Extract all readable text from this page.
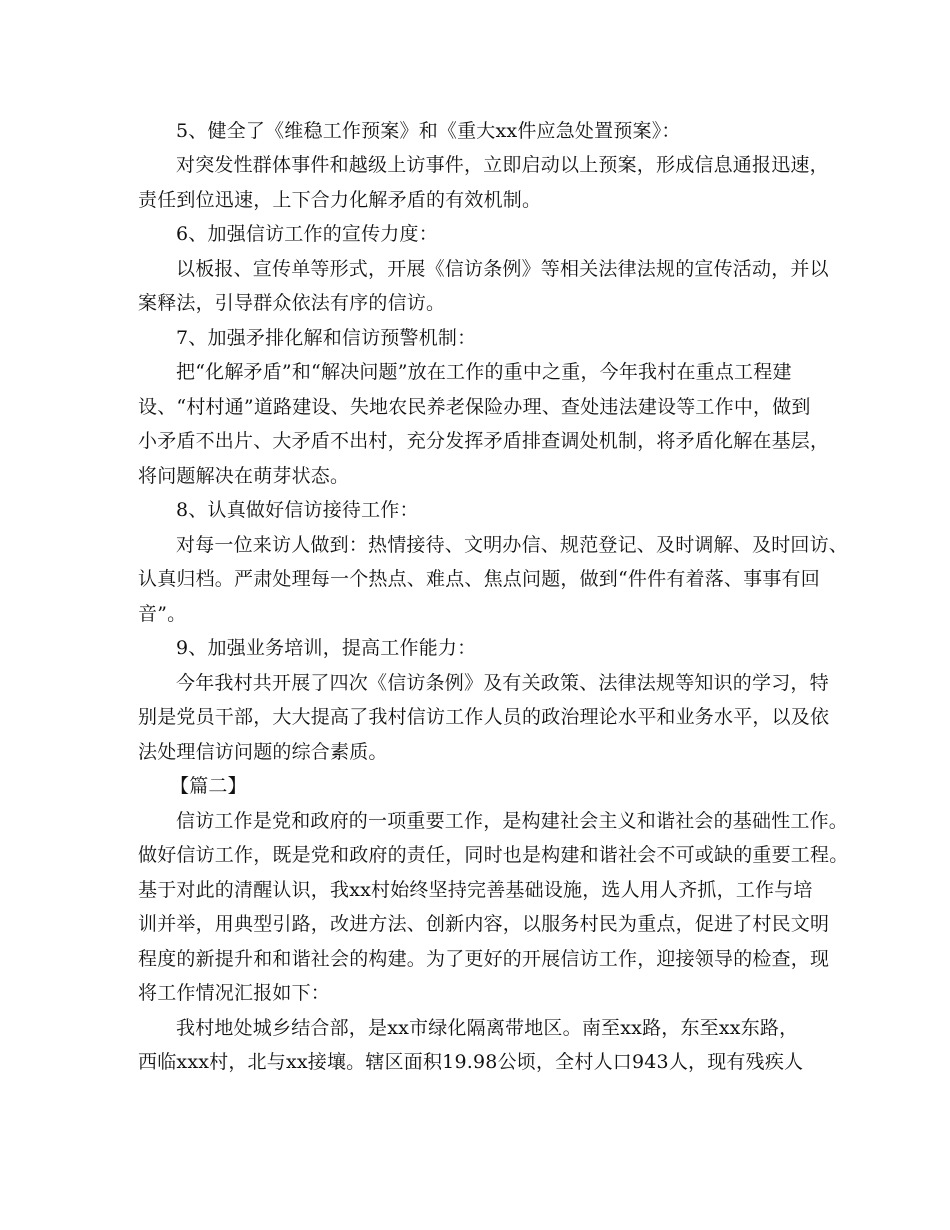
5、健全了《维稳工作预案》和《重大xx件应急处置预案》：
对突发性群体事件和越级上访事件，立即启动以上预案，形成信息通报迅速，
责任到位迅速，上下合力化解矛盾的有效机制。
6、加强信访工作的宣传力度：
以板报、宣传单等形式，开展《信访条例》等相关法律法规的宣传活动，并以
案释法，引导群众依法有序的信访。
7、加强矛排化解和信访预警机制：
把“化解矛盾”和“解决问题”放在工作的重中之重，今年我村在重点工程建
设、“村村通”道路建设、失地农民养老保险办理、查处违法建设等工作中，做到
小矛盾不出片、大矛盾不出村，充分发挥矛盾排查调处机制，将矛盾化解在基层，
将问题解决在萌芽状态。
8、认真做好信访接待工作：
对每一位来访人做到：热情接待、文明办信、规范登记、及时调解、及时回访、
认真归档。严肃处理每一个热点、难点、焦点问题，做到“件件有着落、事事有回
音”。
9、加强业务培训，提高工作能力：
今年我村共开展了四次《信访条例》及有关政策、法律法规等知识的学习，特
别是党员干部，大大提高了我村信访工作人员的政治理论水平和业务水平，以及依
法处理信访问题的综合素质。
【篇二】
信访工作是党和政府的一项重要工作，是构建社会主义和谐社会的基础性工作。
做好信访工作，既是党和政府的责任，同时也是构建和谐社会不可或缺的重要工程。
基于对此的清醒认识，我xx村始终坚持完善基础设施，选人用人齐抓，工作与培
训并举，用典型引路，改进方法、创新内容，以服务村民为重点，促进了村民文明
程度的新提升和和谐社会的构建。为了更好的开展信访工作，迎接领导的检查，现
将工作情况汇报如下：
我村地处城乡结合部，是xx市绿化隔离带地区。南至xx路，东至xx东路，
西临xxx村，北与xx接壤。辖区面积19.98公顷，全村人口943人，现有残疾人
